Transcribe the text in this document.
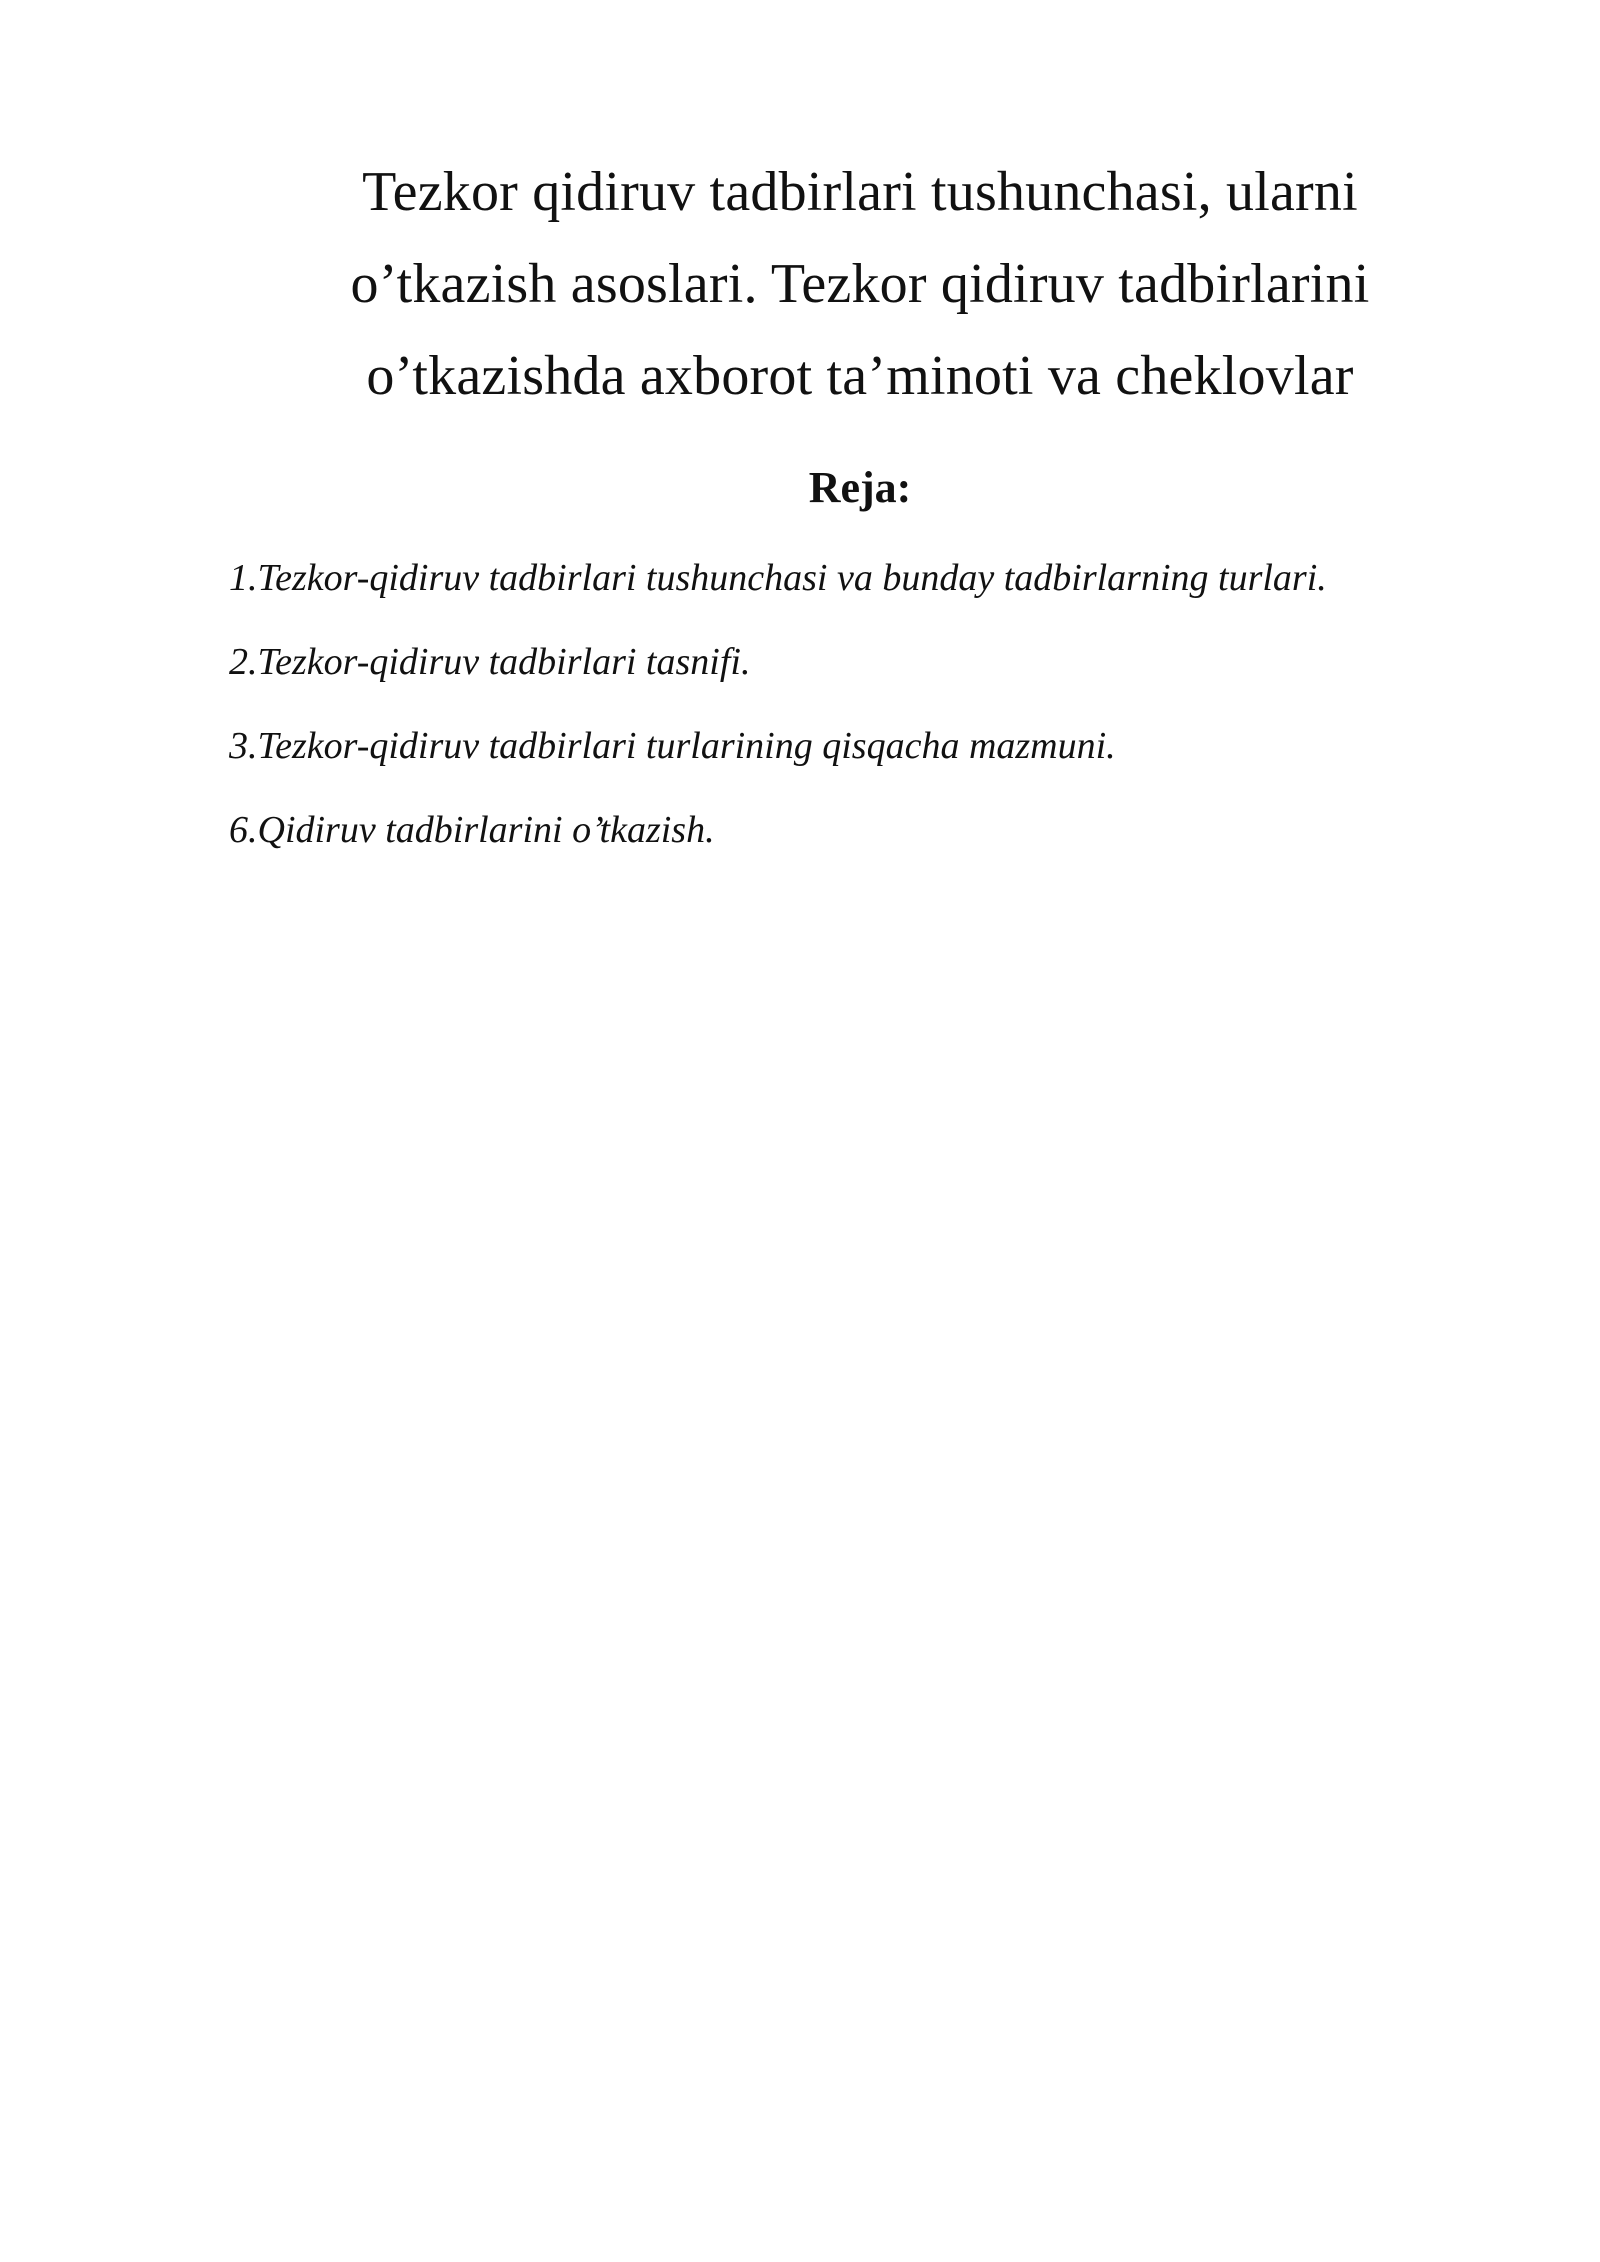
Tezkor qidiruv tadbirlari tushunchasi, ularni
o’tkazish asoslari. Tezkor qidiruv tadbirlarini
o’tkazishda axborot ta’minoti va cheklovlar
Reja:
1.Tezkor-qidiruv tadbirlari tushunchasi va bunday tadbirlarning turlari.
2.Tezkor-qidiruv tadbirlari tasnifi.
3.Tezkor-qidiruv tadbirlari turlarining qisqacha mazmuni.
6.Qidiruv tadbirlarini o’tkazish.
